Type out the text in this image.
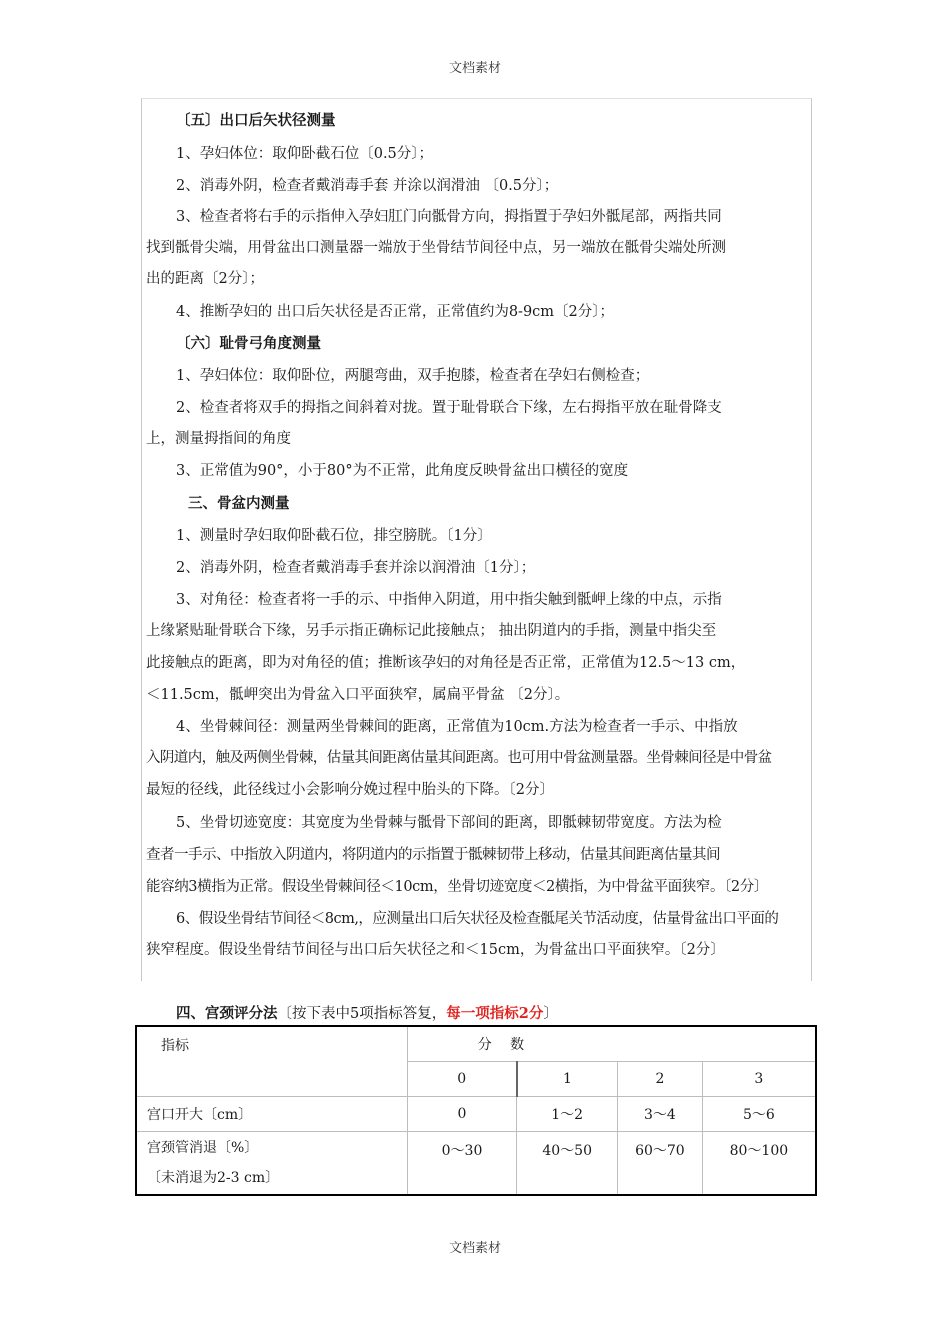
文档素材
〔五〕出口后矢状径测量
1、孕妇体位：取仰卧截石位〔0.5分〕；
2、消毒外阴，检查者戴消毒手套 并涂以润滑油 〔0.5分〕；
3、检查者将右手的示指伸入孕妇肛门向骶骨方向，拇指置于孕妇外骶尾部，两指共同
找到骶骨尖端，用骨盆出口测量器一端放于坐骨结节间径中点，另一端放在骶骨尖端处所测
出的距离〔2分〕；
4、推断孕妇的 出口后矢状径是否正常，正常值约为8-9cm〔2分〕；
〔六〕耻骨弓角度测量
1、孕妇体位：取仰卧位，两腿弯曲，双手抱膝，检查者在孕妇右侧检查；
2、检查者将双手的拇指之间斜着对拢。置于耻骨联合下缘，左右拇指平放在耻骨降支
上，测量拇指间的角度
3、正常值为90°，小于80°为不正常，此角度反映骨盆出口横径的宽度
三、骨盆内测量
1、测量时孕妇取仰卧截石位，排空膀胱。〔1分〕
2、消毒外阴，检查者戴消毒手套并涂以润滑油〔1分〕；
3、对角径：检查者将一手的示、中指伸入阴道，用中指尖触到骶岬上缘的中点，示指
上缘紧贴耻骨联合下缘，另手示指正确标记此接触点； 抽出阴道内的手指，测量中指尖至
此接触点的距离，即为对角径的值；推断该孕妇的对角径是否正常，正常值为12.5～13 cm，
＜11.5cm，骶岬突出为骨盆入口平面狭窄，属扁平骨盆 〔2分〕。
4、坐骨棘间径：测量两坐骨棘间的距离，正常值为10cm.方法为检查者一手示、中指放
入阴道内，触及两侧坐骨棘，估量其间距离估量其间距离。也可用中骨盆测量器。坐骨棘间径是中骨盆
最短的径线，此径线过小会影响分娩过程中胎头的下降。〔2分〕
5、坐骨切迹宽度：其宽度为坐骨棘与骶骨下部间的距离，即骶棘韧带宽度。方法为检
查者一手示、中指放入阴道内，将阴道内的示指置于骶棘韧带上移动，估量其间距离估量其间
能容纳3横指为正常。假设坐骨棘间径＜10cm，坐骨切迹宽度＜2横指，为中骨盆平面狭窄。〔2分〕
6、假设坐骨结节间径＜8cm,，应测量出口后矢状径及检查骶尾关节活动度，估量骨盆出口平面的
狭窄程度。假设坐骨结节间径与出口后矢状径之和＜15cm，为骨盆出口平面狭窄。〔2分〕
四、宫颈评分法〔按下表中5项指标答复，每一项指标2分〕
指标	分　 数			
	0	1	2	3
宫口开大〔cm〕	0	1～2	3～4	5～6

宫颈管消退〔%〕
〔未消退为2-3 cm〕	0～30	40～50	60～70	80～100
文档素材
